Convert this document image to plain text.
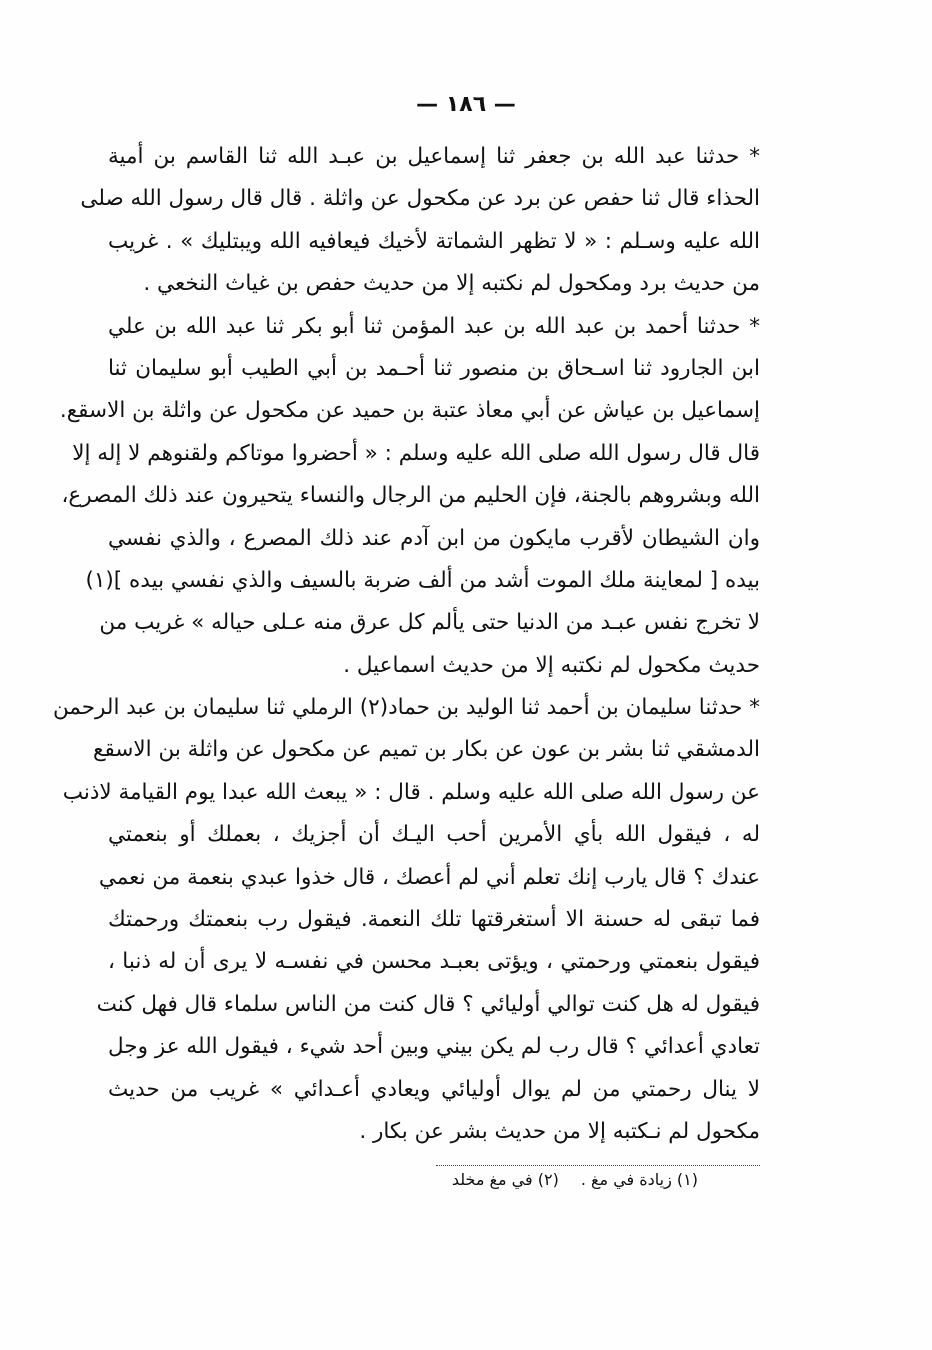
— ١٨٦ —
* حدثنا عبد الله بن جعفر ثنا إسماعيل بن عبـد الله ثنا القاسم بن أمية
الحذاء قال ثنا حفص عن برد عن مكحول عن واثلة . قال قال رسول الله صلى
الله عليه وسـلم : « لا تظهر الشماتة لأخيك فيعافيه الله ويبتليك » . غريب
من حديث برد ومكحول لم نكتبه إلا من حديث حفص بن غياث النخعي .
* حدثنا أحمد بن عبد الله بن عبد المؤمن ثنا أبو بكر ثنا عبد الله بن علي
ابن الجارود ثنا اسـحاق بن منصور ثنا أحـمد بن أبي الطيب أبو سليمان ثنا
إسماعيل بن عياش عن أبي معاذ عتبة بن حميد عن مكحول عن واثلة بن الاسقع.
قال قال رسول الله صلى الله عليه وسلم : « أحضروا موتاكم ولقنوهم لا إله إلا
الله وبشروهم بالجنة، فإن الحليم من الرجال والنساء يتحيرون عند ذلك المصرع،
وان الشيطان لأقرب مايكون من ابن آدم عند ذلك المصرع ، والذي نفسي
بيده [ لمعاينة ملك الموت أشد من ألف ضربة بالسيف والذي نفسي بيده ](١)
لا تخرج نفس عبـد من الدنيا حتى يألم كل عرق منه عـلى حياله » غريب من
حديث مكحول لم نكتبه إلا من حديث اسماعيل .
* حدثنا سليمان بن أحمد ثنا الوليد بن حماد(٢) الرملي ثنا سليمان بن عبد الرحمن
الدمشقي ثنا بشر بن عون عن بكار بن تميم عن مكحول عن واثلة بن الاسقع
عن رسول الله صلى الله عليه وسلم . قال : « يبعث الله عبدا يوم القيامة لاذنب
له ، فيقول الله بأي الأمرين أحب اليـك أن أجزيك ، بعملك أو بنعمتي
عندك ؟ قال يارب إنك تعلم أني لم أعصك ، قال خذوا عبدي بنعمة من نعمي
فما تبقى له حسنة الا أستغرقتها تلك النعمة. فيقول رب بنعمتك ورحمتك
فيقول بنعمتي ورحمتي ، ويؤتى بعبـد محسن في نفسـه لا يرى أن له ذنبا ،
فيقول له هل كنت توالي أوليائي ؟ قال كنت من الناس سلماء قال فهل كنت
تعادي أعدائي ؟ قال رب لم يكن بيني وبين أحد شيء ، فيقول الله عز وجل
لا ينال رحمتي من لم يوال أوليائي ويعادي أعـدائي » غريب من حديث
مكحول لم نـكتبه إلا من حديث بشر عن بكار .
(١) زيادة في مغ .(٢) في مغ مخلد
